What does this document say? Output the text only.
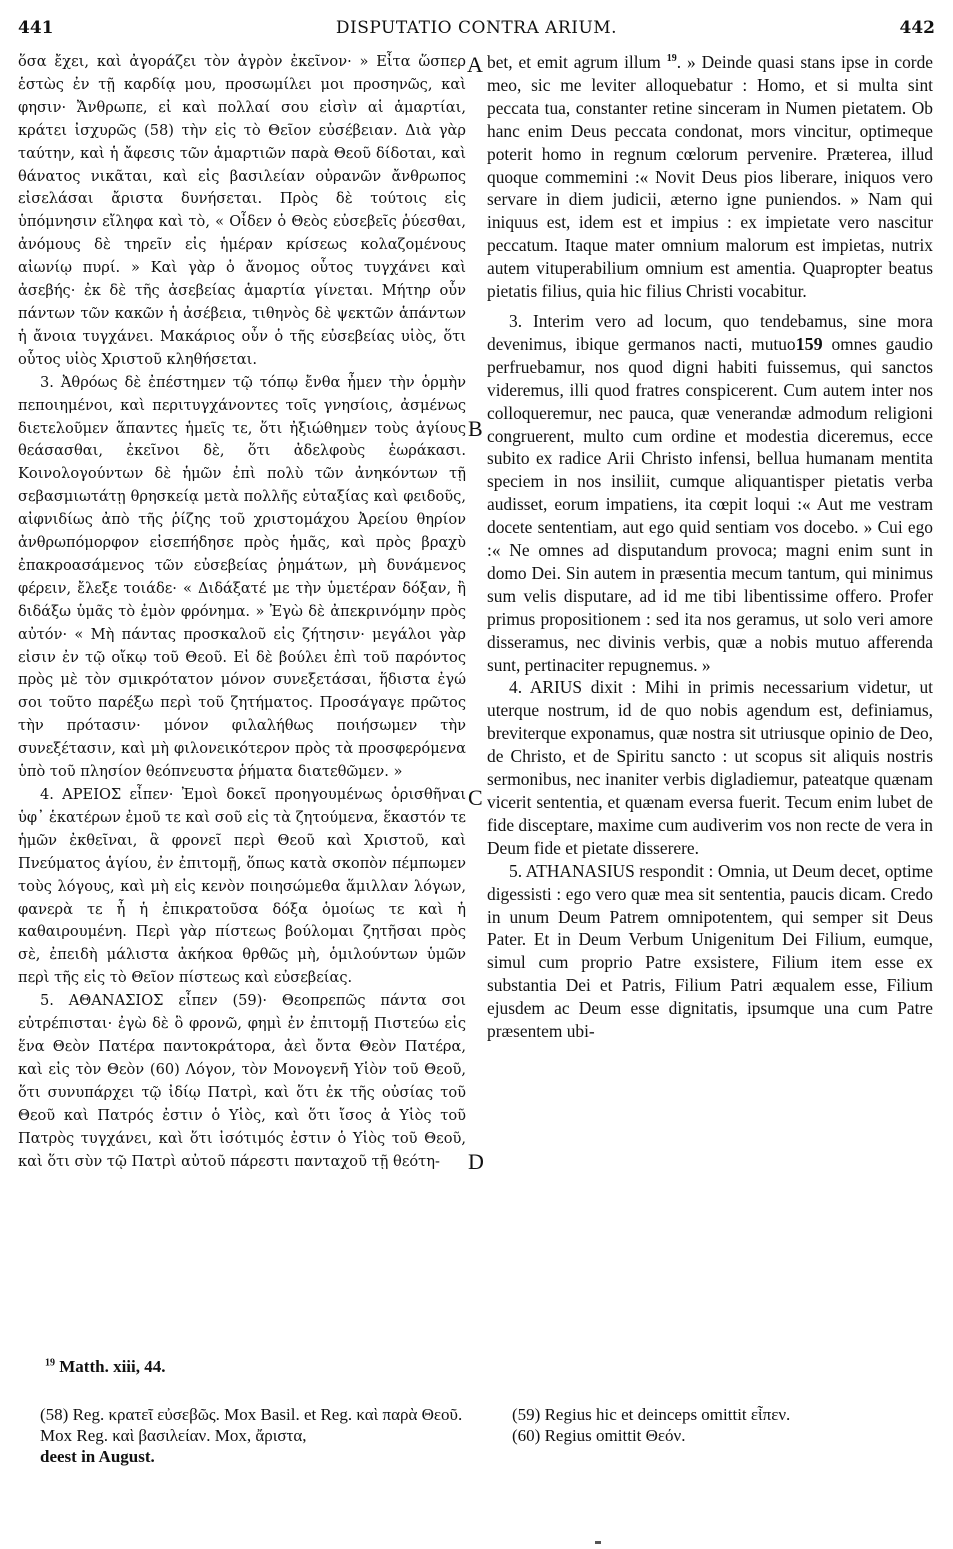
441	DISPUTATIO CONTRA ARIUM.	442

ὅσα ἔχει, καὶ ἀγοράζει τὸν ἀγρὸν ἐκεῖνον· » Εἶτα ὥσπερ ἑστὼς ἐν τῇ καρδίᾳ μου, προσωμίλει μοι προσηνῶς, καὶ φησιν· Ἄνθρωπε, εἰ καὶ πολλαί σου εἰσὶν αἱ ἁμαρτίαι, κράτει ἰσχυρῶς (58) τὴν εἰς τὸ Θεῖον εὐσέβειαν. Διὰ γὰρ ταύτην, καὶ ἡ ἄφεσις τῶν ἁμαρτιῶν παρὰ Θεοῦ δίδοται, καὶ θάνατος νικᾶται, καὶ εἰς βασιλείαν οὐρανῶν ἄνθρωπος εἰσελάσαι ἄριστα δυνήσεται. Πρὸς δὲ τούτοις εἰς ὑπόμνησιν εἴληφα καὶ τὸ, « Οἶδεν ὁ Θεὸς εὐσεβεῖς ῥύεσθαι, ἀνόμους δὲ τηρεῖν εἰς ἡμέραν κρίσεως κολαζομένους αἰωνίῳ πυρί. » Καὶ γὰρ ὁ ἄνομος οὗτος τυγχάνει καὶ ἀσεβής· ἐκ δὲ τῆς ἀσεβείας ἁμαρτία γίνεται. Μήτηρ οὖν πάντων τῶν κακῶν ἡ ἀσέβεια, τιθηνὸς δὲ ψεκτῶν ἁπάντων ἡ ἄνοια τυγχάνει. Μακάριος οὖν ὁ τῆς εὐσεβείας υἱὸς, ὅτι οὗτος υἱὸς Χριστοῦ κληθήσεται.

3. Ἀθρόως δὲ ἐπέστημεν τῷ τόπῳ ἔνθα ἦμεν τὴν ὁρμὴν πεποιημένοι, καὶ περιτυγχάνοντες τοῖς γνησίοις, ἀσμένως διετελοῦμεν ἅπαντες ἡμεῖς τε, ὅτι ἠξιώθημεν τοὺς ἁγίους θεάσασθαι, ἐκεῖνοι δὲ, ὅτι ἀδελφοὺς ἑωράκασι. Κοινολογούντων δὲ ἡμῶν ἐπὶ πολὺ τῶν ἀνηκόντων τῇ σεβασμιωτάτῃ θρησκείᾳ μετὰ πολλῆς εὐταξίας καὶ φειδοῦς, αἰφνιδίως ἀπὸ τῆς ῥίζης τοῦ χριστομάχου Ἀρείου θηρίον ἀνθρωπόμορφον εἰσεπήδησε πρὸς ἡμᾶς, καὶ πρὸς βραχὺ ἐπακροασάμενος τῶν εὐσεβείας ῥημάτων, μὴ δυνάμενος φέρειν, ἔλεξε τοιάδε· « Διδάξατέ με τὴν ὑμετέραν δόξαν, ἢ διδάξω ὑμᾶς τὸ ἐμὸν φρόνημα. » Ἐγὼ δὲ ἀπεκρινόμην πρὸς αὐτόν· « Μὴ πάντας προσκαλοῦ εἰς ζήτησιν· μεγάλοι γὰρ εἰσιν ἐν τῷ οἴκῳ τοῦ Θεοῦ. Εἰ δὲ βούλει ἐπὶ τοῦ παρόντος πρὸς μὲ τὸν σμικρότατον μόνον συνεξετάσαι, ἥδιστα ἐγώ σοι τοῦτο παρέξω περὶ τοῦ ζητήματος. Προσάγαγε πρῶτος τὴν πρότασιν· μόνον φιλαλήθως ποιήσωμεν τὴν συνεξέτασιν, καὶ μὴ φιλονεικότερον πρὸς τὰ προσφερόμενα ὑπὸ τοῦ πλησίον θεόπνευστα ῥήματα διατεθῶμεν. »

4. ΑΡΕΙΟΣ εἶπεν· Ἐμοὶ δοκεῖ προηγουμένως ὁρισθῆναι ὑφ᾽ ἑκατέρων ἐμοῦ τε καὶ σοῦ εἰς τὰ ζητούμενα, ἕκαστόν τε ἡμῶν ἐκθεῖναι, ἃ φρονεῖ περὶ Θεοῦ καὶ Χριστοῦ, καὶ Πνεύματος ἁγίου, ἐν ἐπιτομῇ, ὅπως κατὰ σκοπὸν πέμπωμεν τοὺς λόγους, καὶ μὴ εἰς κενὸν ποιησώμεθα ἅμιλλαν λόγων, φανερὰ τε ἦ ἡ ἐπικρατοῦσα δόξα ὁμοίως τε καὶ ἡ καθαιρουμένη. Περὶ γὰρ πίστεως βούλομαι ζητῆσαι πρὸς σὲ, ἐπειδὴ μάλιστα ἀκήκοα θρθῶς μὴ, ὁμιλούντων ὑμῶν περὶ τῆς εἰς τὸ Θεῖον πίστεως καὶ εὐσεβείας.

5. ΑΘΑΝΑΣΙΟΣ εἶπεν (59)· Θεοπρεπῶς πάντα σοι εὐτρέπισται· ἐγὼ δὲ ὃ φρονῶ, φημὶ ἐν ἐπιτομῇ Πιστεύω εἰς ἕνα Θεὸν Πατέρα παντοκράτορα, ἀεὶ ὄντα Θεὸν Πατέρα, καὶ εἰς τὸν Θεὸν (60) Λόγον, τὸν Μονογενῆ Υἱὸν τοῦ Θεοῦ, ὅτι συνυπάρχει τῷ ἰδίῳ Πατρὶ, καὶ ὅτι ἐκ τῆς οὐσίας τοῦ Θεοῦ καὶ Πατρός ἐστιν ὁ Υἱὸς, καὶ ὅτι ἴσος ἀ Υἱὸς τοῦ Πατρὸς τυγχάνει, καὶ ὅτι ἰσότιμός ἐστιν ὁ Υἱὸς τοῦ Θεοῦ, καὶ ὅτι σὺν τῷ Πατρὶ αὐτοῦ πάρεστι πανταχοῦ τῇ θεότη-

bet, et emit agrum illum $^{19}$. » Deinde quasi stans ipse in corde meo, sic me leviter alloquebatur : Homo, et si multa sint peccata tua, constanter retine sinceram in Numen pietatem. Ob hanc enim Deus peccata condonat, mors vincitur, optimeque poterit homo in regnum cœlorum pervenire. Præterea, illud quoque commemini :« Novit Deus pios liberare, iniquos vero servare in diem judicii, æterno igne puniendos. » Nam qui iniquus est, idem est et impius : ex impietate vero nascitur peccatum. Itaque mater omnium malorum est impietas, nutrix autem vituperabilium omnium est amentia. Quapropter beatus pietatis filius, quia hic filius Christi vocabitur.

3. Interim vero ad locum, quo tendebamus, sine mora devenimus, ibique germanos nacti, mutuo159 omnes gaudio perfruebamur, nos quod digni habiti fuissemus, qui sanctos videremus, illi quod fratres conspicerent. Cum autem inter nos colloqueremur, nec pauca, quæ venerandæ admodum religioni congruerent, multo cum ordine et modestia diceremus, ecce subito ex radice Arii Christo infensi, bellua humanam mentita speciem in nos insiliit, cumque aliquantisper pietatis verba audisset, eorum impatiens, ita cœpit loqui :« Aut me vestram docete sententiam, aut ego quid sentiam vos docebo. » Cui ego :« Ne omnes ad disputandum provoca; magni enim sunt in domo Dei. Sin autem in præsentia mecum tantum, qui minimus sum velis disputare, ad id me tibi libentissime offero. Profer primus propositionem : sed ita nos geramus, ut solo veri amore disseramus, nec divinis verbis, quæ a nobis mutuo afferenda sunt, pertinaciter repugnemus. »

4. ARIUS dixit : Mihi in primis necessarium videtur, ut uterque nostrum, id de quo nobis agendum est, definiamus, breviterque exponamus, quæ nostra sit utriusque opinio de Deo, de Christo, et de Spiritu sancto : ut scopus sit aliquis nostris sermonibus, nec inaniter verbis digladiemur, pateatque quænam vicerit sententia, et quænam eversa fuerit. Tecum enim lubet de fide disceptare, maxime cum audiverim vos non recte de vera in Deum fide et pietate disserere.

5. ATHANASIUS respondit : Omnia, ut Deum decet, optime digessisti : ego vero quæ mea sit sententia, paucis dicam. Credo in unum Deum Patrem omnipotentem, qui semper sit Deus Pater. Et in Deum Verbum Unigenitum Dei Filium, eumque, simul cum proprio Patre exsistere, Filium item esse ex substantia Dei et Patris, Filium Patri æqualem esse, Filium ejusdem ac Deum esse dignitatis, ipsumque una cum Patre præsentem ubi-

A
B
C
D
$^{19}$ Matth. xiii, 44.
(58) Reg. κρατεῖ εὐσεβῶς. Mox Basil. et Reg. καὶ παρὰ Θεοῦ. Mox Reg. καὶ βασιλείαν. Mox, ἄριστα,
deest in August.
(59) Regius hic et deinceps omittit εἶπεν.
(60) Regius omittit Θεόν.
